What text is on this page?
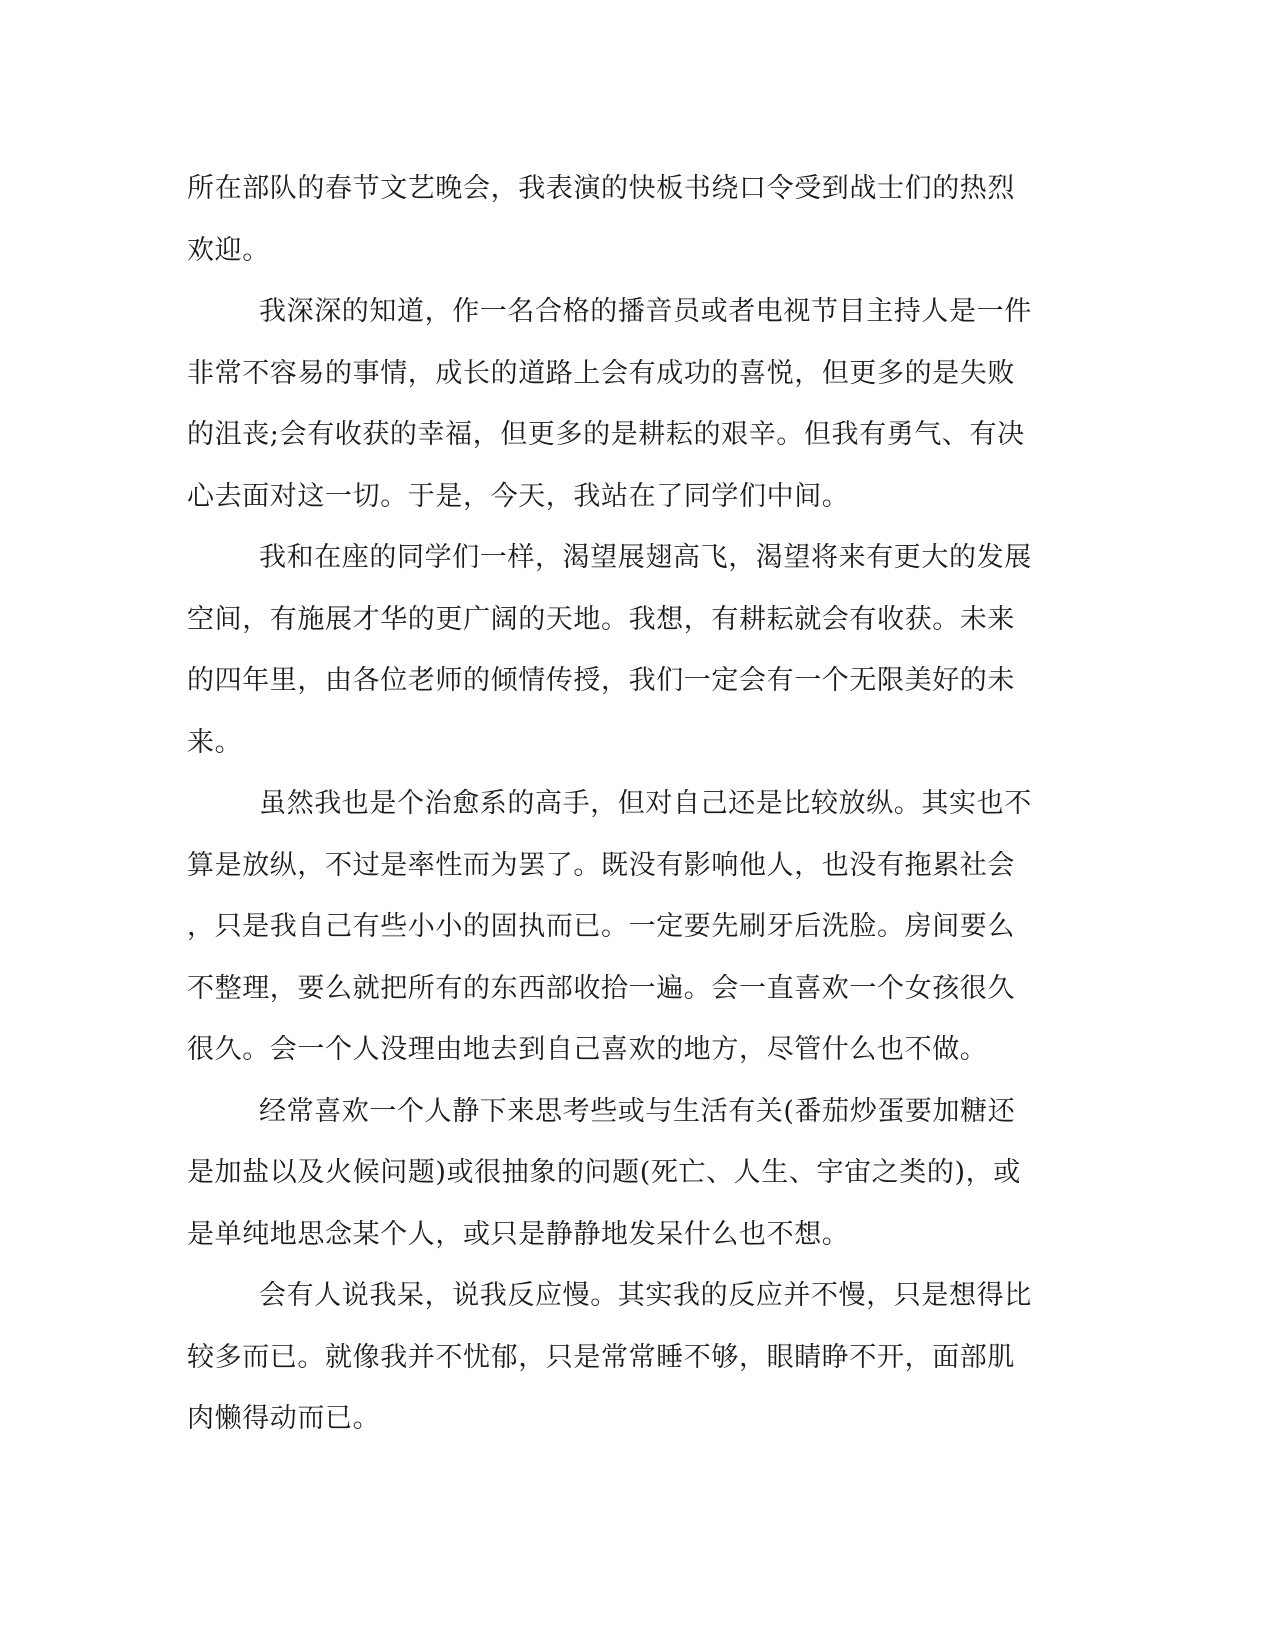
所在部队的春节文艺晚会，我表演的快板书绕口令受到战士们的热烈
欢迎。
我深深的知道，作一名合格的播音员或者电视节目主持人是一件
非常不容易的事情，成长的道路上会有成功的喜悦，但更多的是失败
的沮丧;会有收获的幸福，但更多的是耕耘的艰辛。但我有勇气、有决
心去面对这一切。于是，今天，我站在了同学们中间。
我和在座的同学们一样，渴望展翅高飞，渴望将来有更大的发展
空间，有施展才华的更广阔的天地。我想，有耕耘就会有收获。未来
的四年里，由各位老师的倾情传授，我们一定会有一个无限美好的未
来。
虽然我也是个治愈系的高手，但对自己还是比较放纵。其实也不
算是放纵，不过是率性而为罢了。既没有影响他人，也没有拖累社会
，只是我自己有些小小的固执而已。一定要先刷牙后洗脸。房间要么
不整理，要么就把所有的东西部收拾一遍。会一直喜欢一个女孩很久
很久。会一个人没理由地去到自己喜欢的地方，尽管什么也不做。
经常喜欢一个人静下来思考些或与生活有关(番茄炒蛋要加糖还
是加盐以及火候问题)或很抽象的问题(死亡、人生、宇宙之类的)，或
是单纯地思念某个人，或只是静静地发呆什么也不想。
会有人说我呆，说我反应慢。其实我的反应并不慢，只是想得比
较多而已。就像我并不忧郁，只是常常睡不够，眼睛睁不开，面部肌
肉懒得动而已。
